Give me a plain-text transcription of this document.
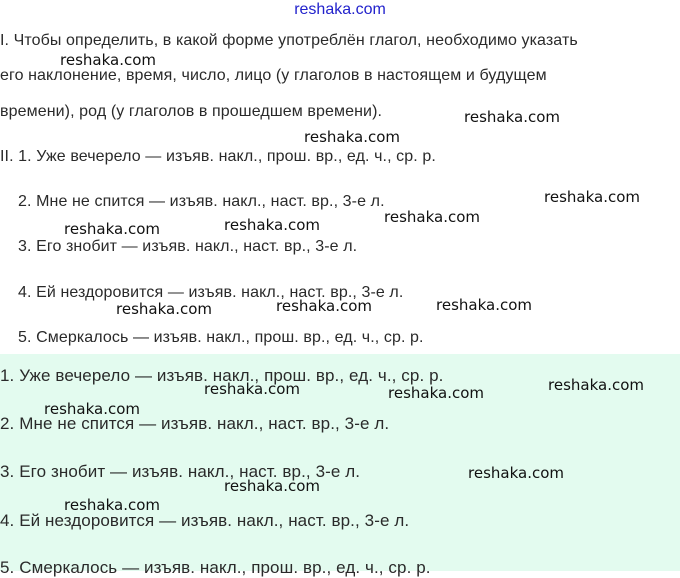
reshaka.com
I. Чтобы определить, в какой форме употреблён глагол, необходимо указать
его наклонение, время, число, лицо (у глаголов в настоящем и будущем
времени), род (у глаголов в прошедшем времени).
II. 1. Уже вечерело — изъяв. накл., прош. вр., ед. ч., ср. р.
2. Мне не спится — изъяв. накл., наст. вр., 3-е л.
3. Его знобит — изъяв. накл., наст. вр., 3-е л.
4. Ей нездоровится — изъяв. накл., наст. вр., 3-е л.
5. Смеркалось — изъяв. накл., прош. вр., ед. ч., ср. р.
1. Уже вечерело — изъяв. накл., прош. вр., ед. ч., ср. р.
2. Мне не спится — изъяв. накл., наст. вр., 3-е л.
3. Его знобит — изъяв. накл., наст. вр., 3-е л.
4. Ей нездоровится — изъяв. накл., наст. вр., 3-е л.
5. Смеркалось — изъяв. накл., прош. вр., ед. ч., ср. р.
reshaka.com
reshaka.com
reshaka.com
reshaka.com
reshaka.com
reshaka.com
reshaka.com
reshaka.com
reshaka.com
reshaka.com
reshaka.com
reshaka.com	reshaka.com
reshaka.com
reshaka.com
reshaka.com
reshaka.com
